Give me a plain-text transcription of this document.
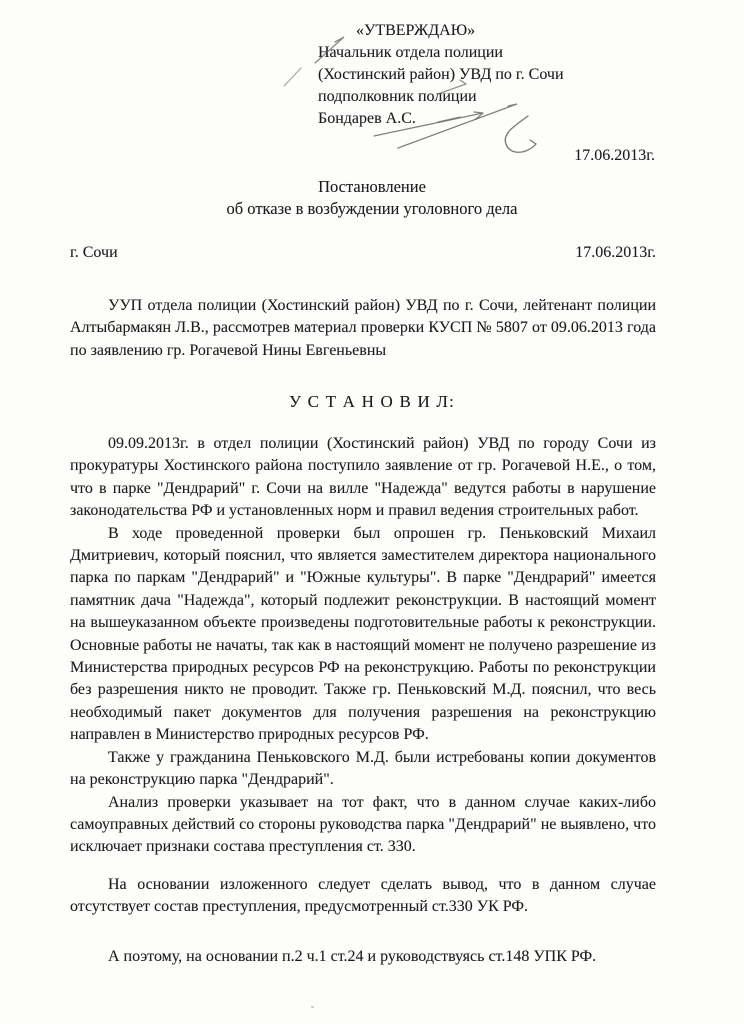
«УТВЕРЖДАЮ»
Начальник отдела полиции
(Хостинский район) УВД по г. Сочи
подполковник полиции
Бондарев А.С.
17.06.2013г.
Постановление
об отказе в возбуждении уголовного дела
г. Сочи	17.06.2013г.
УУП отдела полиции (Хостинский район) УВД по г. Сочи, лейтенант полиции Алтыбармакян Л.В., рассмотрев материал проверки КУСП № 5807 от 09.06.2013 года по заявлению гр. Рогачевой Нины Евгеньевны
У С Т А Н О В И Л:

09.09.2013г. в отдел полиции (Хостинский район) УВД по городу Сочи из прокуратуры Хостинского района поступило заявление от гр. Рогачевой Н.Е., о том, что в парке "Дендрарий" г. Сочи на вилле "Надежда" ведутся работы в нарушение законодательства РФ и установленных норм и правил ведения строительных работ.

В ходе проведенной проверки был опрошен гр. Пеньковский Михаил Дмитриевич, который пояснил, что является заместителем директора национального парка по паркам "Дендрарий" и "Южные культуры". В парке "Дендрарий" имеется памятник дача "Надежда", который подлежит реконструкции. В настоящий момент на вышеуказанном объекте произведены подготовительные работы к реконструкции. Основные работы не начаты, так как в настоящий момент не получено разрешение из Министерства природных ресурсов РФ на реконструкцию. Работы по реконструкции без разрешения никто не проводит. Также гр. Пеньковский М.Д. пояснил, что весь необходимый пакет документов для получения разрешения на реконструкцию направлен в Министерство природных ресурсов РФ.

Также у гражданина Пеньковского М.Д. были истребованы копии документов на реконструкцию парка "Дендрарий".

Анализ проверки указывает на тот факт, что в данном случае каких-либо самоуправных действий со стороны руководства парка "Дендрарий" не выявлено, что исключает признаки состава преступления ст. 330.

На основании изложенного следует сделать вывод, что в данном случае отсутствует состав преступления, предусмотренный ст.330 УК РФ.

А поэтому, на основании п.2 ч.1 ст.24 и руководствуясь ст.148 УПК РФ.
